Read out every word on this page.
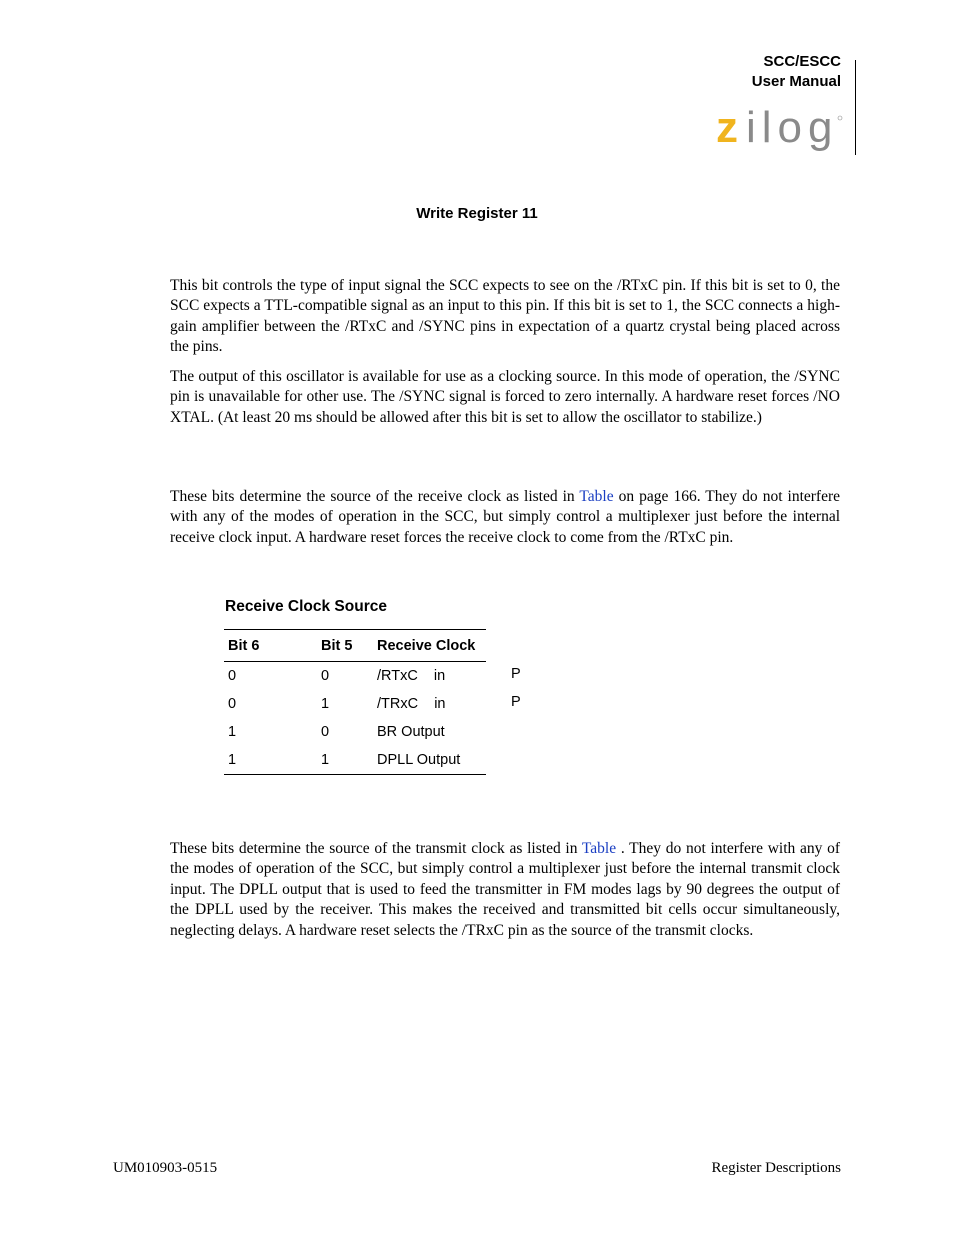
SCC/ESCC
User Manual
z ilog
Write Register 11

This bit controls the type of input signal the SCC expects to see on the /RTxC pin. If this bit is set to 0, the SCC expects a TTL-compatible signal as an input to this pin. If this bit is set to 1, the SCC connects a high-gain amplifier between the /RTxC and /SYNC pins in expectation of a quartz crystal being placed across the pins.

The output of this oscillator is available for use as a clocking source. In this mode of operation, the /SYNC pin is unavailable for other use. The /SYNC signal is forced to zero internally. A hardware reset forces /NO XTAL. (At least 20 ms should be allowed after this bit is set to allow the oscillator to stabilize.)

These bits determine the source of the receive clock as listed in Table on page 166. They do not interfere with any of the modes of operation in the SCC, but simply control a multiplexer just before the internal receive clock input. A hardware reset forces the receive clock to come from the /RTxC pin.

Receive Clock Source
Bit 6	Bit 5	Receive Clock
0	0	/RTxC    in
0	1	/TRxC    in
1	0	BR Output
1	1	DPLL Output
P
P

These bits determine the source of the transmit clock as listed in Table . They do not interfere with any of the modes of operation of the SCC, but simply control a multiplexer just before the internal transmit clock input. The DPLL output that is used to feed the transmitter in FM modes lags by 90 degrees the output of the DPLL used by the receiver. This makes the received and transmitted bit cells occur simultaneously, neglecting delays. A hardware reset selects the /TRxC pin as the source of the transmit clocks.

UM010903-0515	Register Descriptions
